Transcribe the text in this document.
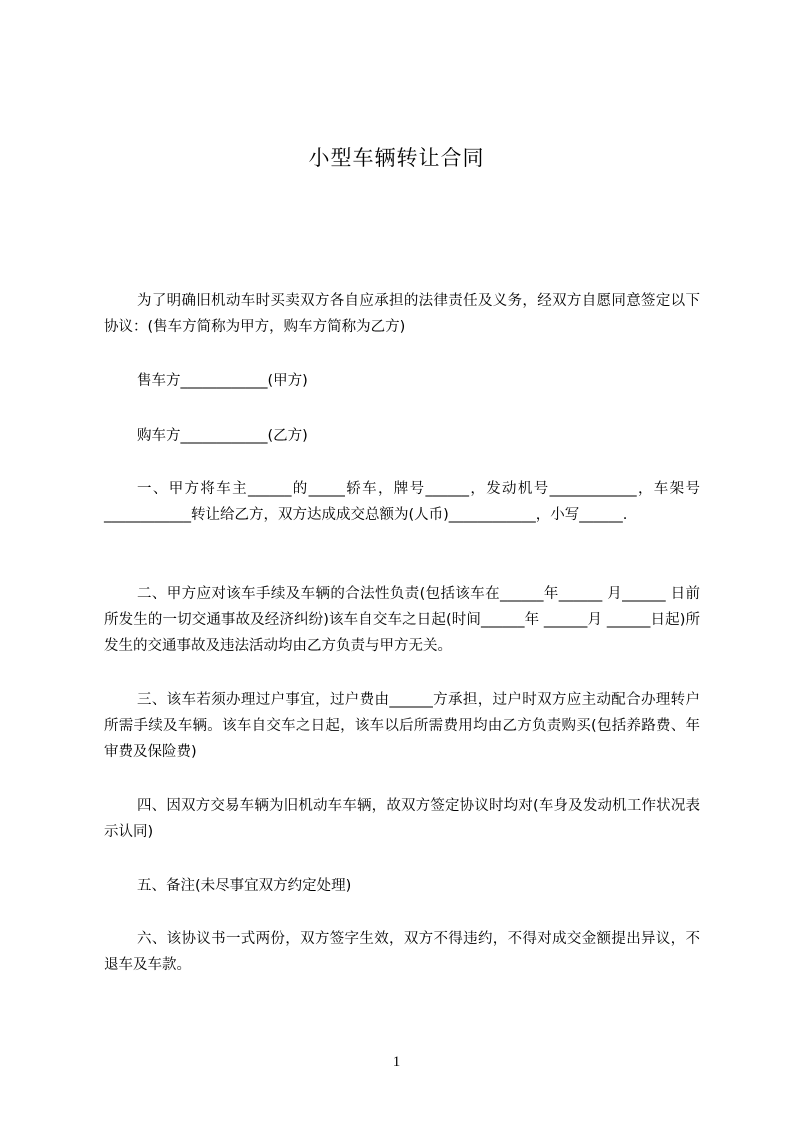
小型车辆转让合同
为了明确旧机动车时买卖双方各自应承担的法律责任及义务，经双方自愿同意签定以下协议：(售车方简称为甲方，购车方简称为乙方)
售车方____________(甲方)
购车方____________(乙方)
一、甲方将车主______的_____轿车，牌号______，发动机号____________，车架号____________转让给乙方，双方达成成交总额为(人币)____________，小写______.
二、甲方应对该车手续及车辆的合法性负责(包括该车在______年______ 月______ 日前所发生的一切交通事故及经济纠纷)该车自交车之日起(时间______年 ______月 ______日起)所发生的交通事故及违法活动均由乙方负责与甲方无关。
三、该车若须办理过户事宜，过户费由______方承担，过户时双方应主动配合办理转户所需手续及车辆。该车自交车之日起，该车以后所需费用均由乙方负责购买(包括养路费、年审费及保险费)
四、因双方交易车辆为旧机动车车辆，故双方签定协议时均对(车身及发动机工作状况表示认同)
五、备注(未尽事宜双方约定处理)
六、该协议书一式两份，双方签字生效，双方不得违约，不得对成交金额提出异议，不退车及车款。
1
